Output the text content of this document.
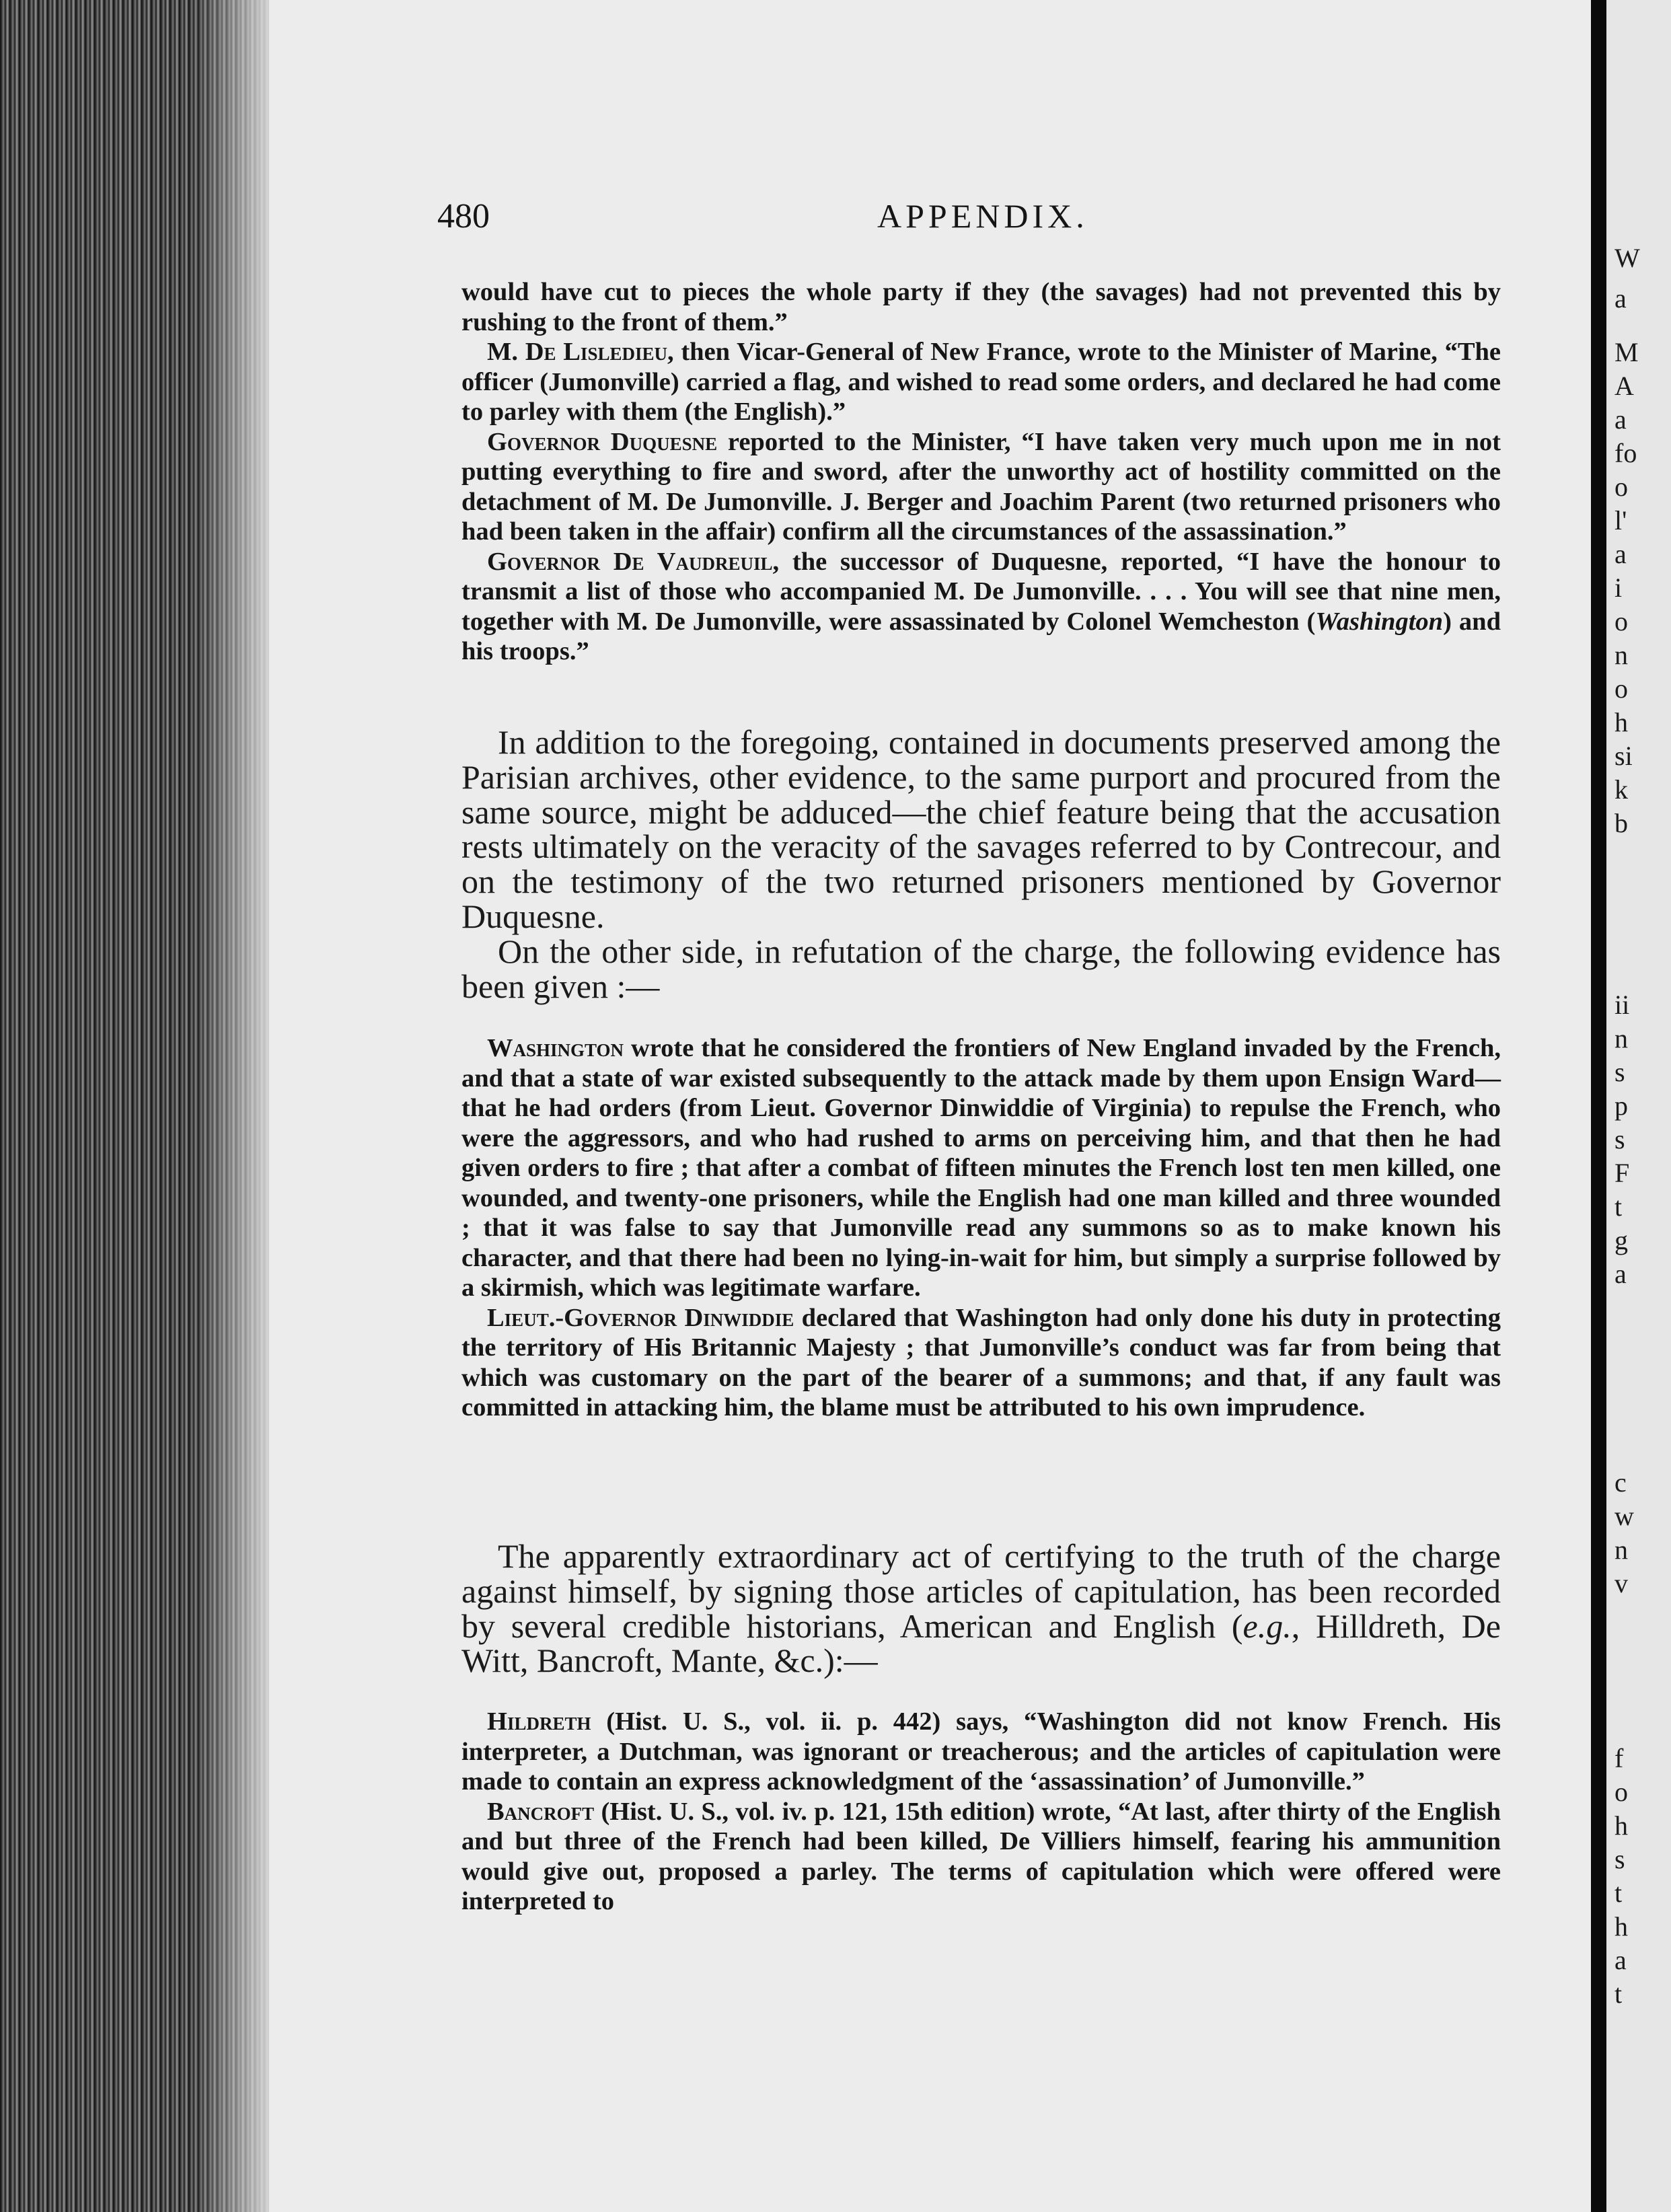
W
a
M
A
a
fo
o
l'
a
i
o
n
o
h
si
k
b
ii
n
s
p
s
F
t
g
a
c
w
n
v
f
o
h
s
t
h
a
t
480	APPENDIX.

would have cut to pieces the whole party if they (the savages) had not prevented this by rushing to the front of them.”

M. De Lisledieu, then Vicar-General of New France, wrote to the Minister of Marine, “The officer (Jumonville) carried a flag, and wished to read some orders, and declared he had come to parley with them (the English).”

Governor Duquesne reported to the Minister, “I have taken very much upon me in not putting everything to fire and sword, after the unworthy act of hostility committed on the detachment of M. De Jumonville. J. Berger and Joachim Parent (two returned prisoners who had been taken in the affair) confirm all the circumstances of the assassination.”

Governor De Vaudreuil, the successor of Duquesne, reported, “I have the honour to transmit a list of those who accompanied M. De Jumonville. . . . You will see that nine men, together with M. De Jumonville, were assassinated by Colonel Wemcheston (Washington) and his troops.”

In addition to the foregoing, contained in documents preserved among the Parisian archives, other evidence, to the same purport and procured from the same source, might be adduced—the chief feature being that the accusation rests ultimately on the veracity of the savages referred to by Contrecour, and on the testimony of the two returned prisoners mentioned by Governor Duquesne.

On the other side, in refutation of the charge, the following evidence has been given :—

Washington wrote that he considered the frontiers of New England invaded by the French, and that a state of war existed subsequently to the attack made by them upon Ensign Ward—that he had orders (from Lieut. Governor Dinwiddie of Virginia) to repulse the French, who were the aggressors, and who had rushed to arms on perceiving him, and that then he had given orders to fire ; that after a combat of fifteen minutes the French lost ten men killed, one wounded, and twenty-one prisoners, while the English had one man killed and three wounded ; that it was false to say that Jumonville read any summons so as to make known his character, and that there had been no lying-in-wait for him, but simply a surprise followed by a skirmish, which was legitimate warfare.

Lieut.-Governor Dinwiddie declared that Washington had only done his duty in protecting the territory of His Britannic Majesty ; that Jumonville’s conduct was far from being that which was customary on the part of the bearer of a summons; and that, if any fault was committed in attacking him, the blame must be attributed to his own imprudence.

The apparently extraordinary act of certifying to the truth of the charge against himself, by signing those articles of capitulation, has been recorded by several credible historians, American and English (e.g., Hilldreth, De Witt, Bancroft, Mante, &c.):—

Hildreth (Hist. U. S., vol. ii. p. 442) says, “Washington did not know French. His interpreter, a Dutchman, was ignorant or treacherous; and the articles of capitulation were made to contain an express acknowledgment of the ‘assassination’ of Jumonville.”

Bancroft (Hist. U. S., vol. iv. p. 121, 15th edition) wrote, “At last, after thirty of the English and but three of the French had been killed, De Villiers himself, fearing his ammunition would give out, proposed a parley. The terms of capitulation which were offered were interpreted to
